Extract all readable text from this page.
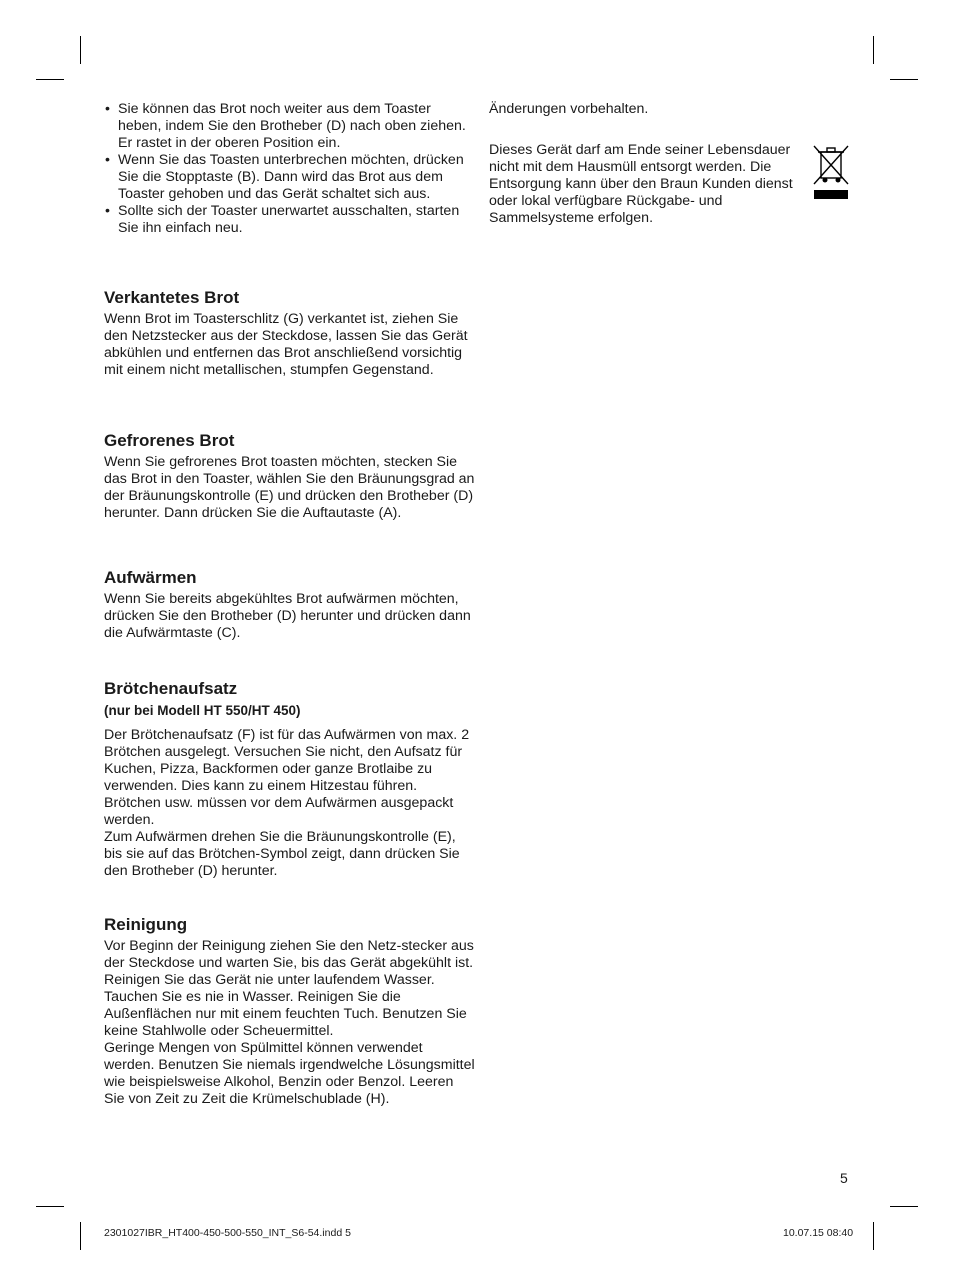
• Sie können das Brot noch weiter aus dem Toaster heben, indem Sie den Brotheber (D) nach oben ziehen. Er rastet in der oberen Position ein.
• Wenn Sie das Toasten unterbrechen möchten, drücken Sie die Stopptaste (B). Dann wird das Brot aus dem Toaster gehoben und das Gerät schaltet sich aus.
• Sollte sich der Toaster unerwartet ausschalten, starten Sie ihn einfach neu.
Verkantetes Brot

Wenn Brot im Toasterschlitz (G) verkantet ist, ziehen Sie den Netzstecker aus der Steckdose, lassen Sie das Gerät abkühlen und entfernen das Brot anschließend vorsichtig mit einem nicht metallischen, stumpfen Gegenstand.

Gefrorenes Brot

Wenn Sie gefrorenes Brot toasten möchten, stecken Sie das Brot in den Toaster, wählen Sie den Bräunungsgrad an der Bräunungskontrolle (E) und drücken den Brotheber (D) herunter. Dann drücken Sie die Auftautaste (A).

Aufwärmen

Wenn Sie bereits abgekühltes Brot aufwärmen möchten, drücken Sie den Brotheber (D) herunter und drücken dann die Aufwärmtaste (C).

Brötchenaufsatz
(nur bei Modell HT 550/HT 450)

Der Brötchenaufsatz (F) ist für das Aufwärmen von max. 2 Brötchen ausgelegt. Versuchen Sie nicht, den Aufsatz für Kuchen, Pizza, Backformen oder ganze Brotlaibe zu verwenden. Dies kann zu einem Hitzestau führen. Brötchen usw. müssen vor dem Aufwärmen ausgepackt werden.

Zum Aufwärmen drehen Sie die Bräunungskontrolle (E), bis sie auf das Brötchen-Symbol zeigt, dann drücken Sie den Brotheber (D) herunter.

Reinigung

Vor Beginn der Reinigung ziehen Sie den Netz-stecker aus der Steckdose und warten Sie, bis das Gerät abgekühlt ist. Reinigen Sie das Gerät nie unter laufendem Wasser. Tauchen Sie es nie in Wasser. Reinigen Sie die Außenflächen nur mit einem feuchten Tuch. Benutzen Sie keine Stahlwolle oder Scheuermittel.

Geringe Mengen von Spülmittel können verwendet werden. Benutzen Sie niemals irgendwelche Lösungsmittel wie beispielsweise Alkohol, Benzin oder Benzol. Leeren Sie von Zeit zu Zeit die Krümelschublade (H).

Änderungen vorbehalten.

Dieses Gerät darf am Ende seiner Lebensdauer nicht mit dem Hausmüll entsorgt werden. Die Entsorgung kann über den Braun Kunden dienst oder lokal verfügbare Rückgabe- und Sammelsysteme erfolgen.

5
2301027IBR_HT400-450-500-550_INT_S6-54.indd 5	10.07.15 08:40
